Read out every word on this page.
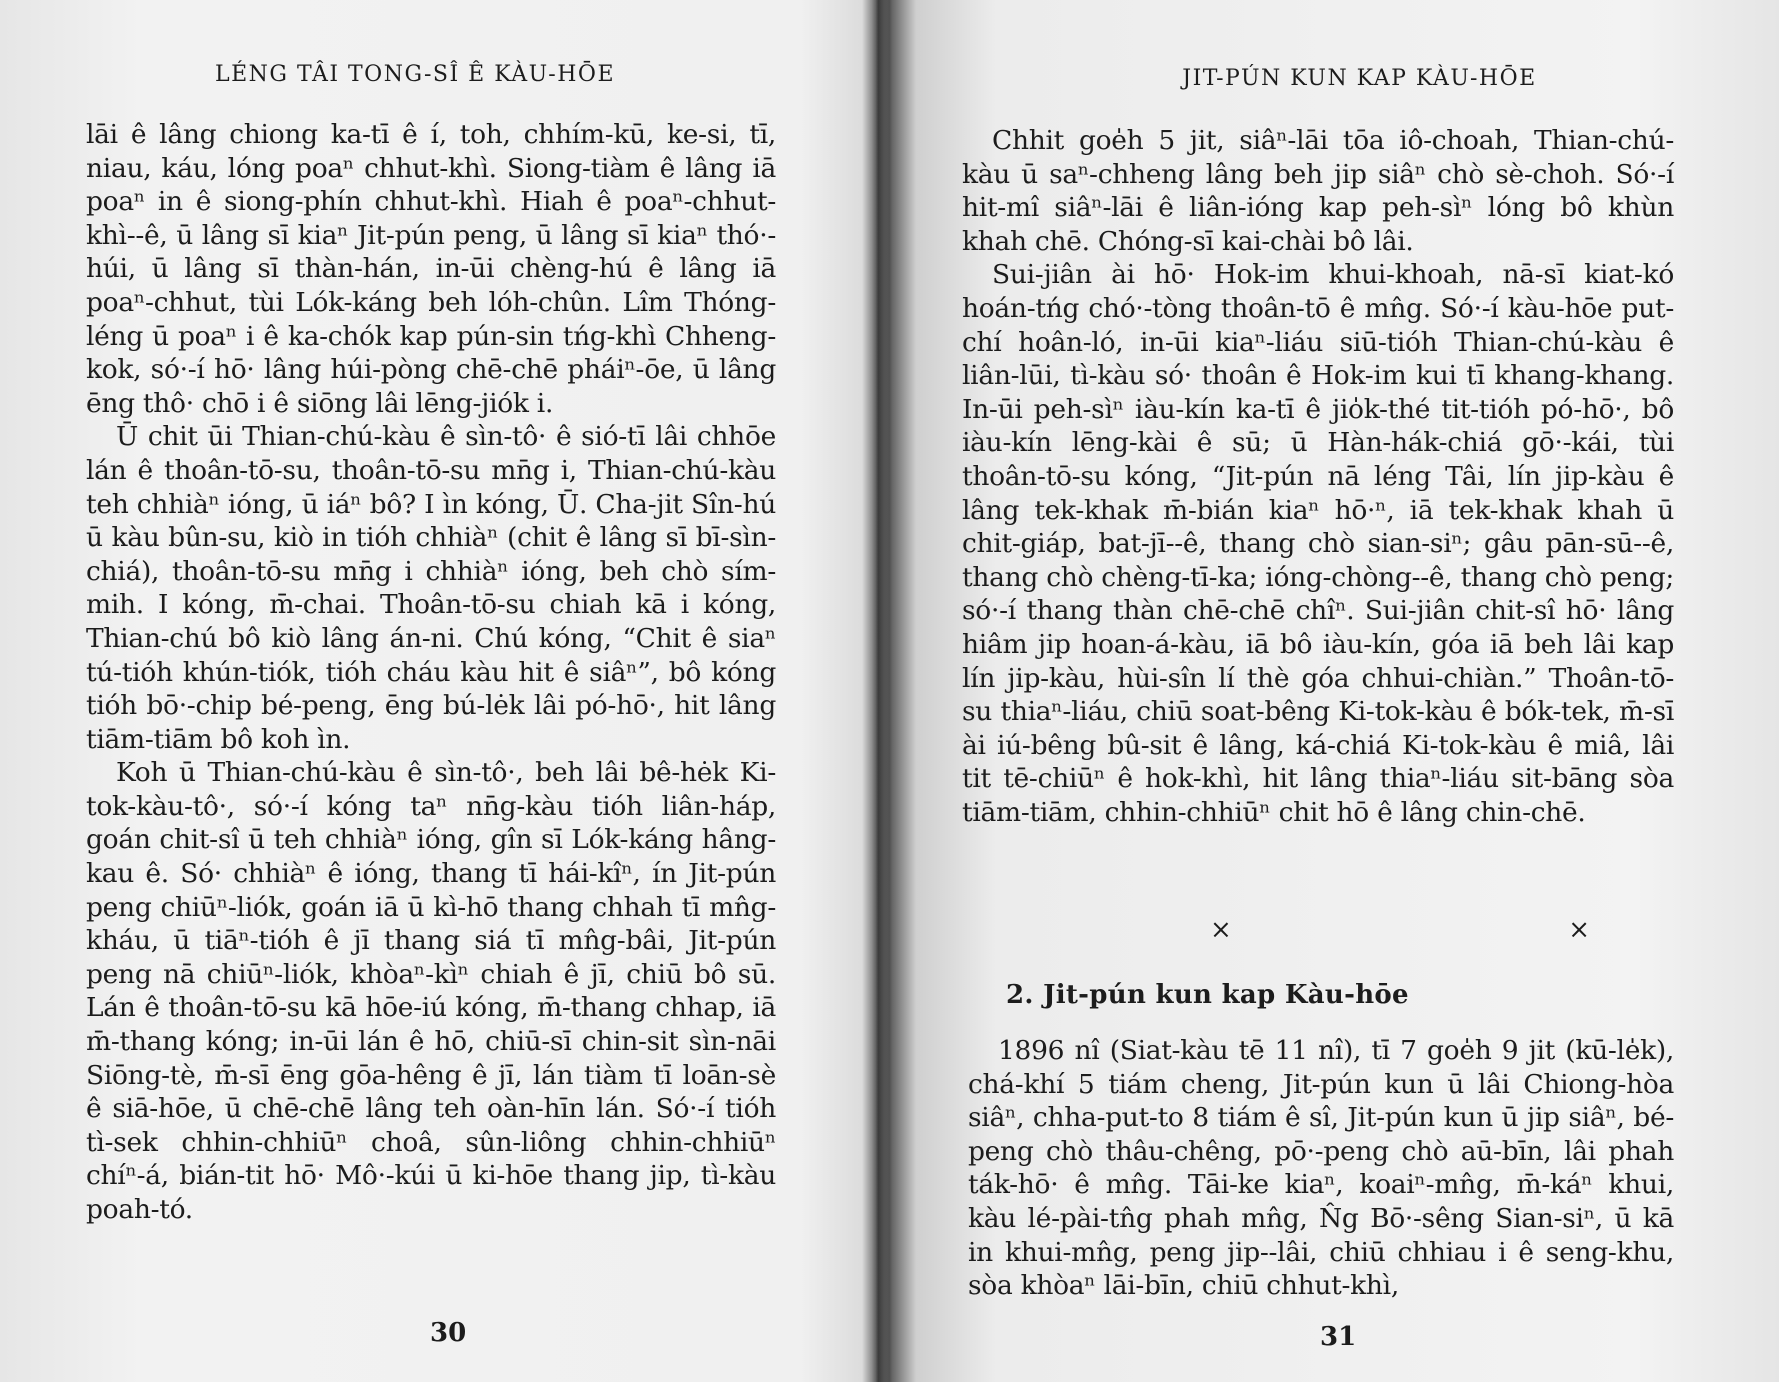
LÉNG TÂI TONG-SÎ Ê KÀU-HŌE

lāi ê lâng chiong ka-tī ê í, toh, chhím-kū, ke-si, tī, niau, káu, lóng poaⁿ chhut-khì. Siong-tiàm ê lâng iā poaⁿ in ê siong-phín chhut-khì. Hiah ê poaⁿ-chhut-khì--ê, ū lâng sī kiaⁿ Jit-pún peng, ū lâng sī kiaⁿ thó·-húi, ū lâng sī thàn-hán, in-ūi chèng-hú ê lâng iā poaⁿ-chhut, tùi Lók-káng beh lóh-chûn. Lîm Thóng-léng ū poaⁿ i ê ka-chók kap pún-sin tńg-khì Chheng-kok, só·-í hō· lâng húi-pòng chē-chē pháiⁿ-ōe, ū lâng ēng thô· chō i ê siōng lâi lēng-jiók i.

Ū chit ūi Thian-chú-kàu ê sìn-tô· ê sió-tī lâi chhōe lán ê thoân-tō-su, thoân-tō-su mn̄g i, Thian-chú-kàu teh chhiàⁿ ióng, ū iáⁿ bô? I ìn kóng, Ū. Cha-jit Sîn-hú ū kàu bûn-su, kiò in tióh chhiàⁿ (chit ê lâng sī bī-sìn-chiá), thoân-tō-su mn̄g i chhiàⁿ ióng, beh chò sím-mih. I kóng, m̄-chai. Thoân-tō-su chiah kā i kóng, Thian-chú bô kiò lâng án-ni. Chú kóng, “Chit ê siaⁿ tú-tióh khún-tiók, tióh cháu kàu hit ê siâⁿ”, bô kóng tióh bō·-chip bé-peng, ēng bú-lėk lâi pó-hō·, hit lâng tiām-tiām bô koh ìn.

Koh ū Thian-chú-kàu ê sìn-tô·, beh lâi bê-hėk Ki-tok-kàu-tô·, só·-í kóng taⁿ nn̄g-kàu tióh liân-háp, goán chit-sî ū teh chhiàⁿ ióng, gîn sī Lók-káng hâng-kau ê. Só· chhiàⁿ ê ióng, thang tī hái-kîⁿ, ín Jit-pún peng chiūⁿ-liók, goán iā ū kì-hō thang chhah tī mn̂g-kháu, ū tiāⁿ-tióh ê jī thang siá tī mn̂g-bâi, Jit-pún peng nā chiūⁿ-liók, khòaⁿ-kìⁿ chiah ê jī, chiū bô sū. Lán ê thoân-tō-su kā hōe-iú kóng, m̄-thang chhap, iā m̄-thang kóng; in-ūi lán ê hō, chiū-sī chin-sit sìn-nāi Siōng-tè, m̄-sī ēng gōa-hêng ê jī, lán tiàm tī loān-sè ê siā-hōe, ū chē-chē lâng teh oàn-hīn lán. Só·-í tióh tì-sek chhin-chhiūⁿ choâ, sûn-liông chhin-chhiūⁿ chíⁿ-á, bián-tit hō· Mô·-kúi ū ki-hōe thang jip, tì-kàu poah-tó.

30
JIT-PÚN KUN KAP KÀU-HŌE

Chhit goe̍h 5 jit, siâⁿ-lāi tōa iô-choah, Thian-chú-kàu ū saⁿ-chheng lâng beh jip siâⁿ chò sè-choh. Só·-í hit-mî siâⁿ-lāi ê liân-ióng kap peh-sìⁿ lóng bô khùn khah chē. Chóng-sī kai-chài bô lâi.

Sui-jiân ài hō· Hok-im khui-khoah, nā-sī kiat-kó hoán-tńg chó·-tòng thoân-tō ê mn̂g. Só·-í kàu-hōe put-chí hoân-ló, in-ūi kiaⁿ-liáu siū-tióh Thian-chú-kàu ê liân-lūi, tì-kàu só· thoân ê Hok-im kui tī khang-khang. In-ūi peh-sìⁿ iàu-kín ka-tī ê jio̍k-thé tit-tióh pó-hō·, bô iàu-kín lēng-kài ê sū; ū Hàn-hák-chiá gō·-kái, tùi thoân-tō-su kóng, “Jit-pún nā léng Tâi, lín jip-kàu ê lâng tek-khak m̄-bián kiaⁿ hō·ⁿ, iā tek-khak khah ū chit-giáp, bat-jī--ê, thang chò sian-siⁿ; gâu pān-sū--ê, thang chò chèng-tī-ka; ióng-chòng--ê, thang chò peng; só·-í thang thàn chē-chē chîⁿ. Sui-jiân chit-sî hō· lâng hiâm jip hoan-á-kàu, iā bô iàu-kín, góa iā beh lâi kap lín jip-kàu, hùi-sîn lí thè góa chhui-chiàn.” Thoân-tō-su thiaⁿ-liáu, chiū soat-bêng Ki-tok-kàu ê bók-tek, m̄-sī ài iú-bêng bû-sit ê lâng, ká-chiá Ki-tok-kàu ê miâ, lâi tit tē-chiūⁿ ê hok-khì, hit lâng thiaⁿ-liáu sit-bāng sòa tiām-tiām, chhin-chhiūⁿ chit hō ê lâng chin-chē.

×	×
2. Jit-pún kun kap Kàu-hōe

1896 nî (Siat-kàu tē 11 nî), tī 7 goe̍h 9 jit (kū-le̍k), chá-khí 5 tiám cheng, Jit-pún kun ū lâi Chiong-hòa siâⁿ, chha-put-to 8 tiám ê sî, Jit-pún kun ū jip siâⁿ, bé-peng chò thâu-chêng, pō·-peng chò aū-bīn, lâi phah ták-hō· ê mn̂g. Tāi-ke kiaⁿ, koaiⁿ-mn̂g, m̄-káⁿ khui, kàu lé-pài-tn̂g phah mn̂g, N̂g Bō·-sêng Sian-siⁿ, ū kā in khui-mn̂g, peng jip--lâi, chiū chhiau i ê seng-khu, sòa khòaⁿ lāi-bīn, chiū chhut-khì,

31
